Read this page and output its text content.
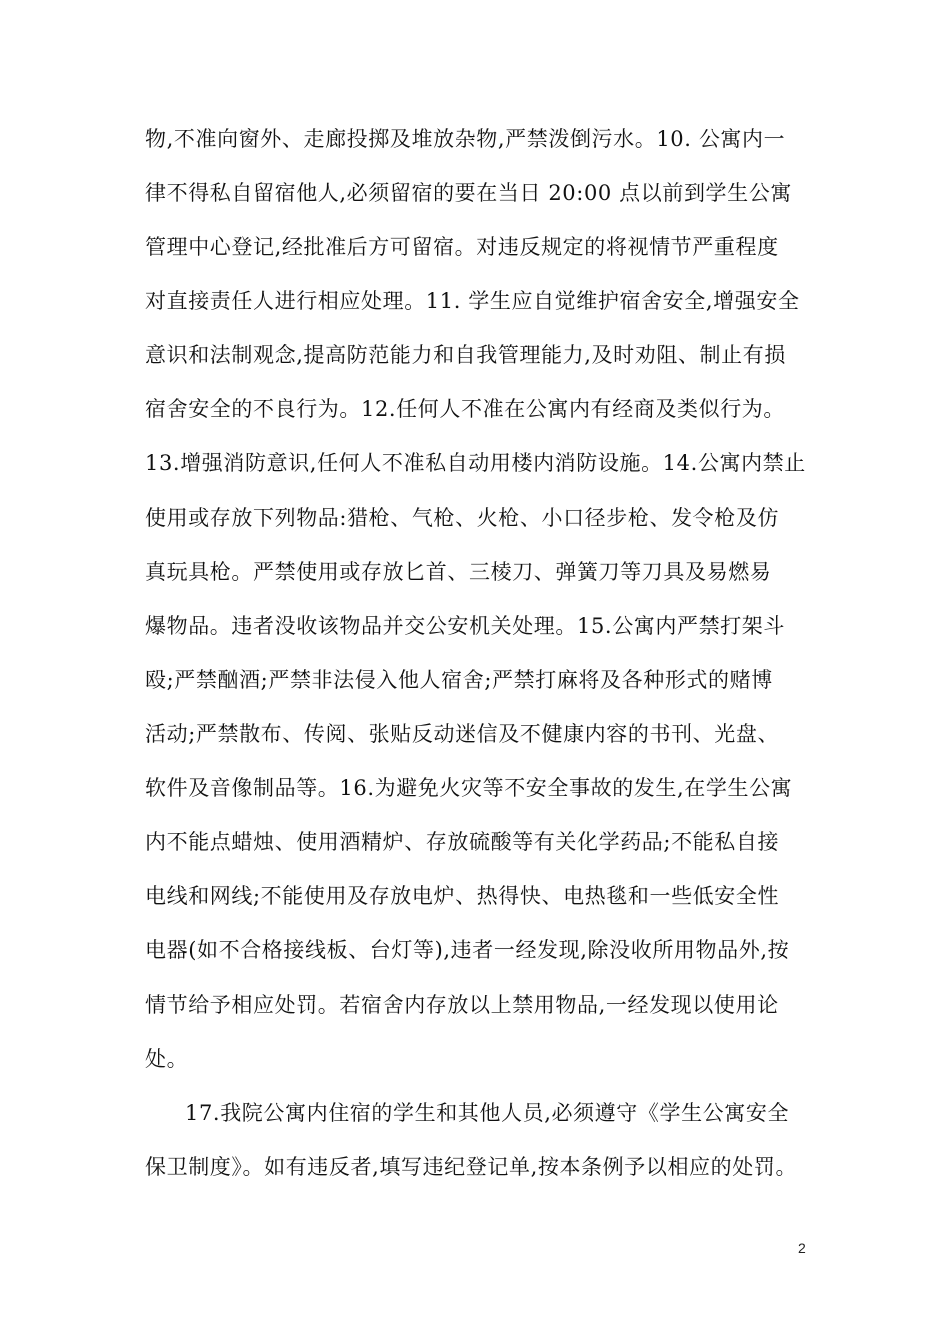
物,不准向窗外、走廊投掷及堆放杂物,严禁泼倒污水。10. 公寓内一
律不得私自留宿他人,必须留宿的要在当日 20:00 点以前到学生公寓
管理中心登记,经批准后方可留宿。对违反规定的将视情节严重程度
对直接责任人进行相应处理。11. 学生应自觉维护宿舍安全,增强安全
意识和法制观念,提高防范能力和自我管理能力,及时劝阻、制止有损
宿舍安全的不良行为。12.任何人不准在公寓内有经商及类似行为。
13.增强消防意识,任何人不准私自动用楼内消防设施。14.公寓内禁止
使用或存放下列物品:猎枪、气枪、火枪、小口径步枪、发令枪及仿
真玩具枪。严禁使用或存放匕首、三棱刀、弹簧刀等刀具及易燃易
爆物品。违者没收该物品并交公安机关处理。15.公寓内严禁打架斗
殴;严禁酗酒;严禁非法侵入他人宿舍;严禁打麻将及各种形式的赌博
活动;严禁散布、传阅、张贴反动迷信及不健康内容的书刊、光盘、
软件及音像制品等。16.为避免火灾等不安全事故的发生,在学生公寓
内不能点蜡烛、使用酒精炉、存放硫酸等有关化学药品;不能私自接
电线和网线;不能使用及存放电炉、热得快、电热毯和一些低安全性
电器(如不合格接线板、台灯等),违者一经发现,除没收所用物品外,按
情节给予相应处罚。若宿舍内存放以上禁用物品,一经发现以使用论
处。
17.我院公寓内住宿的学生和其他人员,必须遵守《学生公寓安全
保卫制度》。如有违反者,填写违纪登记单,按本条例予以相应的处罚。
2
